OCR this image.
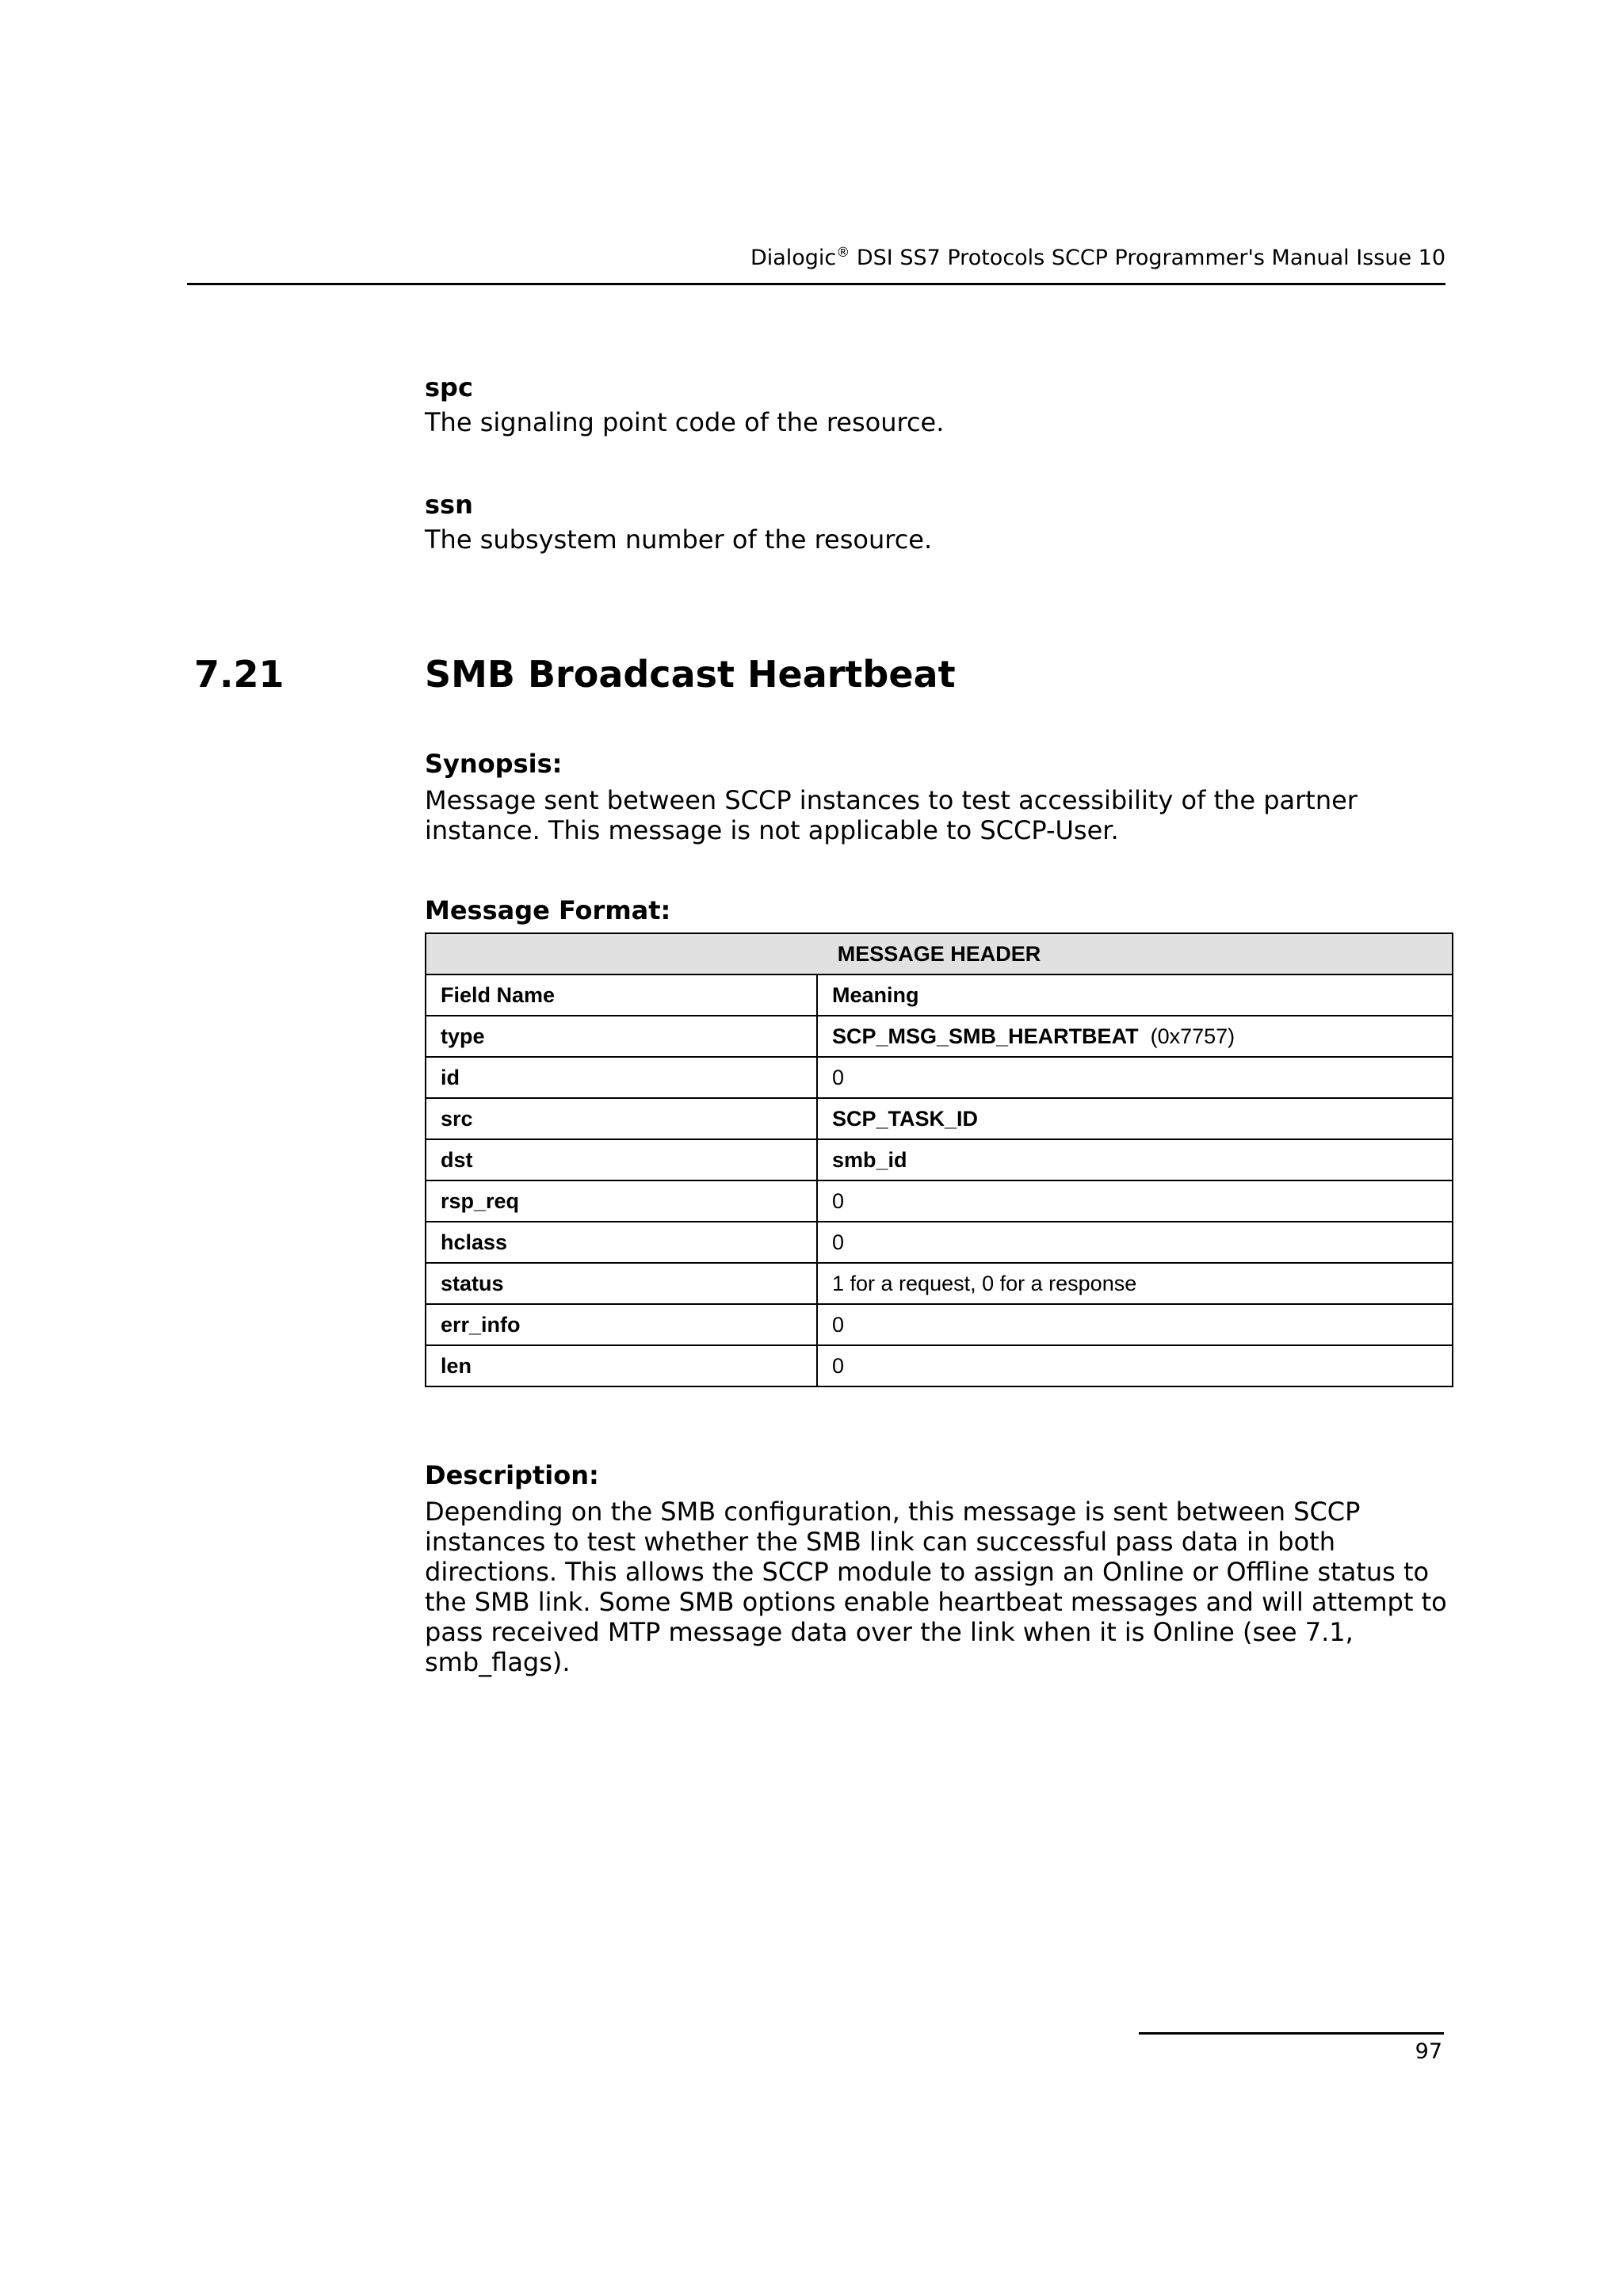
Dialogic® DSI SS7 Protocols SCCP Programmer's Manual Issue 10

spc

The signaling point code of the resource.

ssn

The subsystem number of the resource.

7.21	SMB Broadcast Heartbeat

Synopsis:

Message sent between SCCP instances to test accessibility of the partner instance. This message is not applicable to SCCP-User.

Message Format:

MESSAGE HEADER	
Field Name	Meaning
type	SCP_MSG_SMB_HEARTBEAT (0x7757)
id	0
src	SCP_TASK_ID
dst	smb_id
rsp_req	0
hclass	0
status	1 for a request, 0 for a response
err_info	0
len	0

Description:

Depending on the SMB configuration, this message is sent between SCCP instances to test whether the SMB link can successful pass data in both directions. This allows the SCCP module to assign an Online or Offline status to the SMB link. Some SMB options enable heartbeat messages and will attempt to pass received MTP message data over the link when it is Online (see 7.1, smb_flags).

97
